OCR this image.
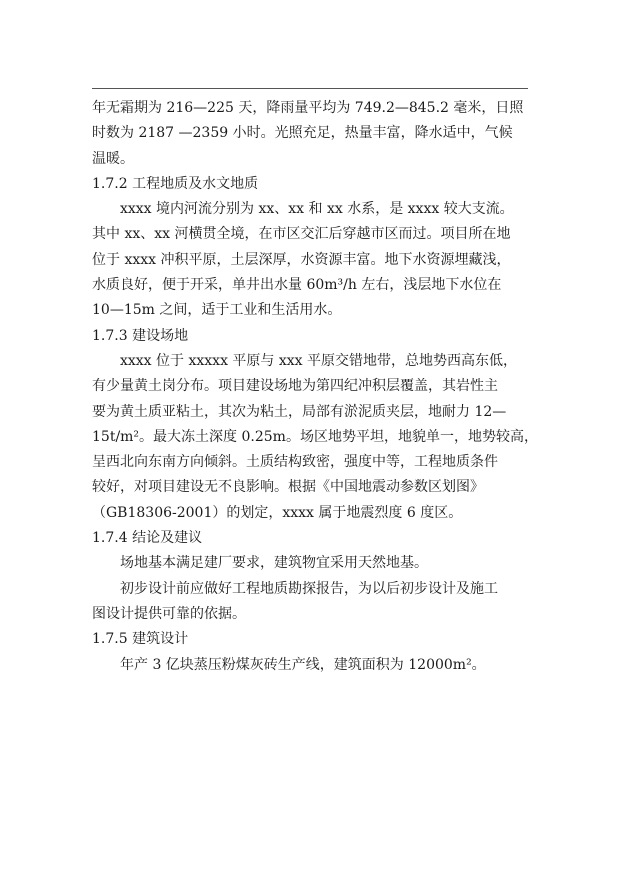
年无霜期为 216—225 天，降雨量平均为 749.2—845.2 毫米，日照
时数为 2187 —2359 小时。光照充足，热量丰富，降水适中，气候
温暖。
1.7.2 工程地质及水文地质
xxxx 境内河流分别为 xx、xx 和 xx 水系，是 xxxx 较大支流。
其中 xx、xx 河横贯全境，在市区交汇后穿越市区而过。项目所在地
位于 xxxx 冲积平原，土层深厚，水资源丰富。地下水资源埋藏浅，
水质良好，便于开采，单井出水量 60m³/h 左右，浅层地下水位在
10—15m 之间，适于工业和生活用水。
1.7.3 建设场地
xxxx 位于 xxxxx 平原与 xxx 平原交错地带，总地势西高东低，
有少量黄土岗分布。项目建设场地为第四纪冲积层覆盖，其岩性主
要为黄土质亚粘土，其次为粘土，局部有淤泥质夹层，地耐力 12—
15t/m²。最大冻土深度 0.25m。场区地势平坦，地貌单一，地势较高，
呈西北向东南方向倾斜。土质结构致密，强度中等，工程地质条件
较好，对项目建设无不良影响。根据《中国地震动参数区划图》
（GB18306-2001）的划定，xxxx 属于地震烈度 6 度区。
1.7.4 结论及建议
场地基本满足建厂要求，建筑物宜采用天然地基。
初步设计前应做好工程地质勘探报告，为以后初步设计及施工
图设计提供可靠的依据。
1.7.5 建筑设计
年产 3 亿块蒸压粉煤灰砖生产线，建筑面积为 12000m²。
